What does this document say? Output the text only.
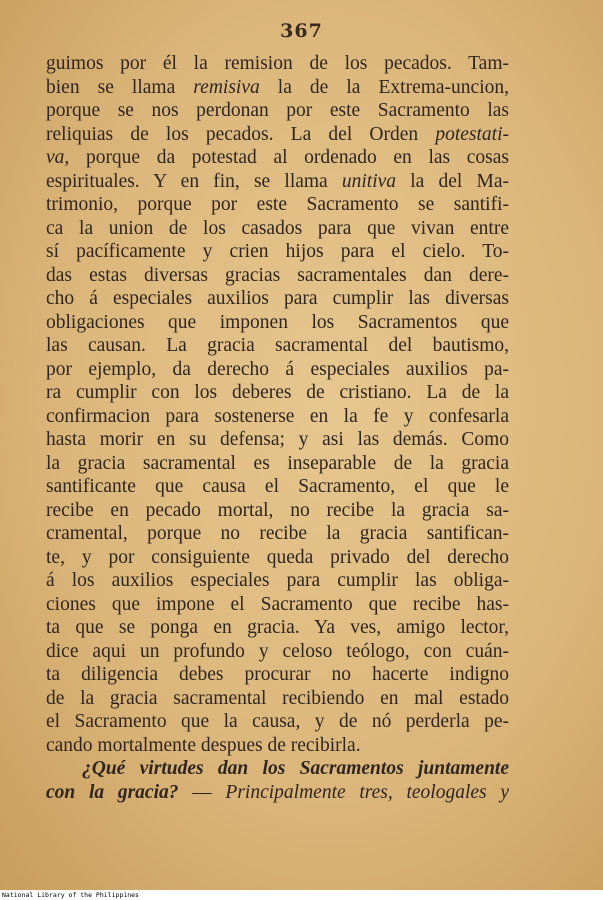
367
guimos por él la remision de los pecados. Tam-
bien se llama remisiva la de la Extrema-uncion,
porque se nos perdonan por este Sacramento las
reliquias de los pecados. La del Orden potestati-
va, porque da potestad al ordenado en las cosas
espirituales. Y en fin, se llama unitiva la del Ma-
trimonio, porque por este Sacramento se santifi-
ca la union de los casados para que vivan entre
sí pacíficamente y crien hijos para el cielo. To-
das estas diversas gracias sacramentales dan dere-
cho á especiales auxilios para cumplir las diversas
obligaciones que imponen los Sacramentos que
las causan. La gracia sacramental del bautismo,
por ejemplo, da derecho á especiales auxilios pa-
ra cumplir con los deberes de cristiano. La de la
confirmacion para sostenerse en la fe y confesarla
hasta morir en su defensa; y asi las demás. Como
la gracia sacramental es inseparable de la gracia
santificante que causa el Sacramento, el que le
recibe en pecado mortal, no recibe la gracia sa-
cramental, porque no recibe la gracia santifican-
te, y por consiguiente queda privado del derecho
á los auxilios especiales para cumplir las obliga-
ciones que impone el Sacramento que recibe has-
ta que se ponga en gracia. Ya ves, amigo lector,
dice aqui un profundo y celoso teólogo, con cuán-
ta diligencia debes procurar no hacerte indigno
de la gracia sacramental recibiendo en mal estado
el Sacramento que la causa, y de nó perderla pe-
cando mortalmente despues de recibirla.
¿Qué virtudes dan los Sacramentos juntamente
con la gracia? — Principalmente tres, teologales y
National Library of the Philippines
